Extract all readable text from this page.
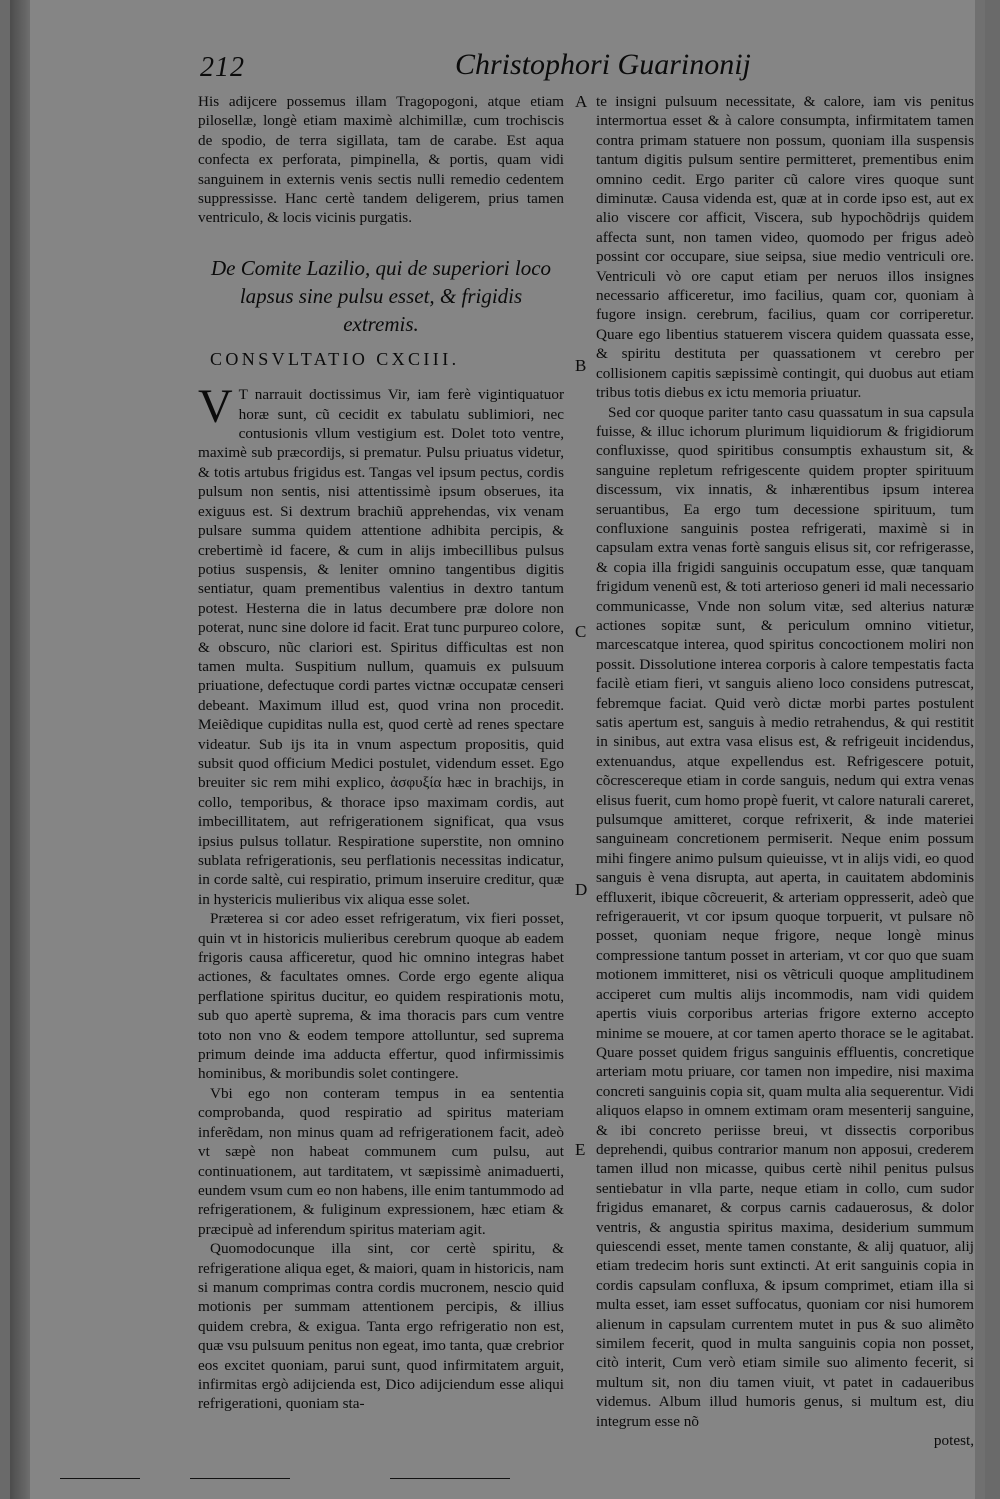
212	Christophori Guarinonij

His adijcere possemus illam Tragopogoni, atque etiam pilosellæ, longè etiam maximè alchimillæ, cum trochiscis de spodio, de terra sigillata, tam de carabe. Est aqua confecta ex perforata, pimpinella, & portis, quam vidi sanguinem in externis venis sectis nulli remedio cedentem suppressisse. Hanc certè tandem deligerem, prius tamen ventriculo, & locis vicinis purgatis.

De Comite Lazilio, qui de superiori loco lapsus sine pulsu esset, & frigidis extremis.
CONSVLTATIO CXCIII.

V T narrauit doctissimus Vir, iam ferè vigintiquatuor horæ sunt, cũ cecidit ex tabulatu sublimiori, nec contusionis vllum vestigium est. Dolet toto ventre, maximè sub præcordijs, si prematur. Pulsu priuatus videtur, & totis artubus frigidus est. Tangas vel ipsum pectus, cordis pulsum non sentis, nisi attentissimè ipsum obserues, ita exiguus est. Si dextrum brachiũ apprehendas, vix venam pulsare summa quidem attentione adhibita percipis, & crebertimè id facere, & cum in alijs imbecillibus pulsus potius suspensis, & leniter omnino tangentibus digitis sentiatur, quam prementibus valentius in dextro tantum potest. Hesterna die in latus decumbere præ dolore non poterat, nunc sine dolore id facit. Erat tunc purpureo colore, & obscuro, nũc clariori est. Spiritus difficultas est non tamen multa. Suspitium nullum, quamuis ex pulsuum priuatione, defectuque cordi partes victnæ occupatæ censeri debeant. Maximum illud est, quod vrina non procedit. Meiẽdique cupiditas nulla est, quod certè ad renes spectare videatur. Sub ijs ita in vnum aspectum propositis, quid subsit quod officium Medici postulet, videndum esset. Ego breuiter sic rem mihi explico, ἀσφυξία hæc in brachijs, in collo, temporibus, & thorace ipso maximam cordis, aut imbecillitatem, aut refrigerationem significat, qua vsus ipsius pulsus tollatur. Respiratione superstite, non omnino sublata refrigerationis, seu perflationis necessitas indicatur, in corde saltè, cui respiratio, primum inseruire creditur, quæ in hystericis mulieribus vix aliqua esse solet.

Præterea si cor adeo esset refrigeratum, vix fieri posset, quin vt in historicis mulieribus cerebrum quoque ab eadem frigoris causa afficeretur, quod hic omnino integras habet actiones, & facultates omnes. Corde ergo egente aliqua perflatione spiritus ducitur, eo quidem respirationis motu, sub quo apertè suprema, & ima thoracis pars cum ventre toto non vno & eodem tempore attolluntur, sed suprema primum deinde ima adducta effertur, quod infirmissimis hominibus, & moribundis solet contingere.

Vbi ego non conteram tempus in ea sententia comprobanda, quod respiratio ad spiritus materiam inferẽdam, non minus quam ad refrigerationem facit, adeò vt sæpè non habeat communem cum pulsu, aut continuationem, aut tarditatem, vt sæpissimè animaduerti, eundem vsum cum eo non habens, ille enim tantummodo ad refrigerationem, & fuliginum expressionem, hæc etiam & præcipuè ad inferendum spiritus materiam agit.

Quomodocunque illa sint, cor certè spiritu, & refrigeratione aliqua eget, & maiori, quam in historicis, nam si manum comprimas contra cordis mucronem, nescio quid motionis per summam attentionem percipis, & illius quidem crebra, & exigua. Tanta ergo refrigeratio non est, quæ vsu pulsuum penitus non egeat, imo tanta, quæ crebrior eos excitet quoniam, parui sunt, quod infirmitatem arguit, infirmitas ergò adijcienda est, Dico adijciendum esse aliqui refrigerationi, quoniam sta-

A
B
C
D
E

te insigni pulsuum necessitate, & calore, iam vis penitus intermortua esset & à calore consumpta, infirmitatem tamen contra primam statuere non possum, quoniam illa suspensis tantum digitis pulsum sentire permitteret, prementibus enim omnino cedit. Ergo pariter cũ calore vires quoque sunt diminutæ. Causa videnda est, quæ at in corde ipso est, aut ex alio viscere cor afficit, Viscera, sub hypochõdrijs quidem affecta sunt, non tamen video, quomodo per frigus adeò possint cor occupare, siue seipsa, siue medio ventriculi ore. Ventriculi vò ore caput etiam per neruos illos insignes necessario afficeretur, imo facilius, quam cor, quoniam à fugore insign. cerebrum, facilius, quam cor corriperetur. Quare ego libentius statuerem viscera quidem quassata esse, & spiritu destituta per quassationem vt cerebro per collisionem capitis sæpissimè contingit, qui duobus aut etiam tribus totis diebus ex ictu memoria priuatur.

Sed cor quoque pariter tanto casu quassatum in sua capsula fuisse, & illuc ichorum plurimum liquidiorum & frigidiorum confluxisse, quod spiritibus consumptis exhaustum sit, & sanguine repletum refrigescente quidem propter spirituum discessum, vix innatis, & inhærentibus ipsum interea seruantibus, Ea ergo tum decessione spirituum, tum confluxione sanguinis postea refrigerati, maximè si in capsulam extra venas fortè sanguis elisus sit, cor refrigerasse, & copia illa frigidi sanguinis occupatum esse, quæ tanquam frigidum venenũ est, & toti arterioso generi id mali necessario communicasse, Vnde non solum vitæ, sed alterius naturæ actiones sopitæ sunt, & periculum omnino vitietur, marcescatque interea, quod spiritus concoctionem moliri non possit. Dissolutione interea corporis à calore tempestatis facta facilè etiam fieri, vt sanguis alieno loco considens putrescat, febremque faciat. Quid verò dictæ morbi partes postulent satis apertum est, sanguis à medio retrahendus, & qui restitit in sinibus, aut extra vasa elisus est, & refrigeuit incidendus, extenuandus, atque expellendus est. Refrigescere potuit, cõcrescereque etiam in corde sanguis, nedum qui extra venas elisus fuerit, cum homo propè fuerit, vt calore naturali careret, pulsumque amitteret, corque refrixerit, & inde materiei sanguineam concretionem permiserit. Neque enim possum mihi fingere animo pulsum quieuisse, vt in alijs vidi, eo quod sanguis è vena disrupta, aut aperta, in cauitatem abdominis effluxerit, ibique cõcreuerit, & arteriam oppresserit, adeò que refrigerauerit, vt cor ipsum quoque torpuerit, vt pulsare nõ posset, quoniam neque frigore, neque longè minus compressione tantum posset in arteriam, vt cor quo que suam motionem immitteret, nisi os vẽtriculi quoque amplitudinem acciperet cum multis alijs incommodis, nam vidi quidem apertis viuis corporibus arterias frigore externo accepto minime se mouere, at cor tamen aperto thorace se le agitabat. Quare posset quidem frigus sanguinis effluentis, concretique arteriam motu priuare, cor tamen non impedire, nisi maxima concreti sanguinis copia sit, quam multa alia sequerentur. Vidi aliquos elapso in omnem extimam oram mesenterij sanguine, & ibi concreto periisse breui, vt dissectis corporibus deprehendi, quibus contrarior manum non apposui, crederem tamen illud non micasse, quibus certè nihil penitus pulsus sentiebatur in vlla parte, neque etiam in collo, cum sudor frigidus emanaret, & corpus carnis cadauerosus, & dolor ventris, & angustia spiritus maxima, desiderium summum quiescendi esset, mente tamen constante, & alij quatuor, alij etiam tredecim horis sunt extincti. At erit sanguinis copia in cordis capsulam confluxa, & ipsum comprimet, etiam illa si multa esset, iam esset suffocatus, quoniam cor nisi humorem alienum in capsulam currentem mutet in pus & suo alimẽto similem fecerit, quod in multa sanguinis copia non posset, citò interit, Cum verò etiam simile suo alimento fecerit, si multum sit, non diu tamen viuit, vt patet in cadaueribus videmus. Album illud humoris genus, si multum est, diu integrum esse nõ

potest,
